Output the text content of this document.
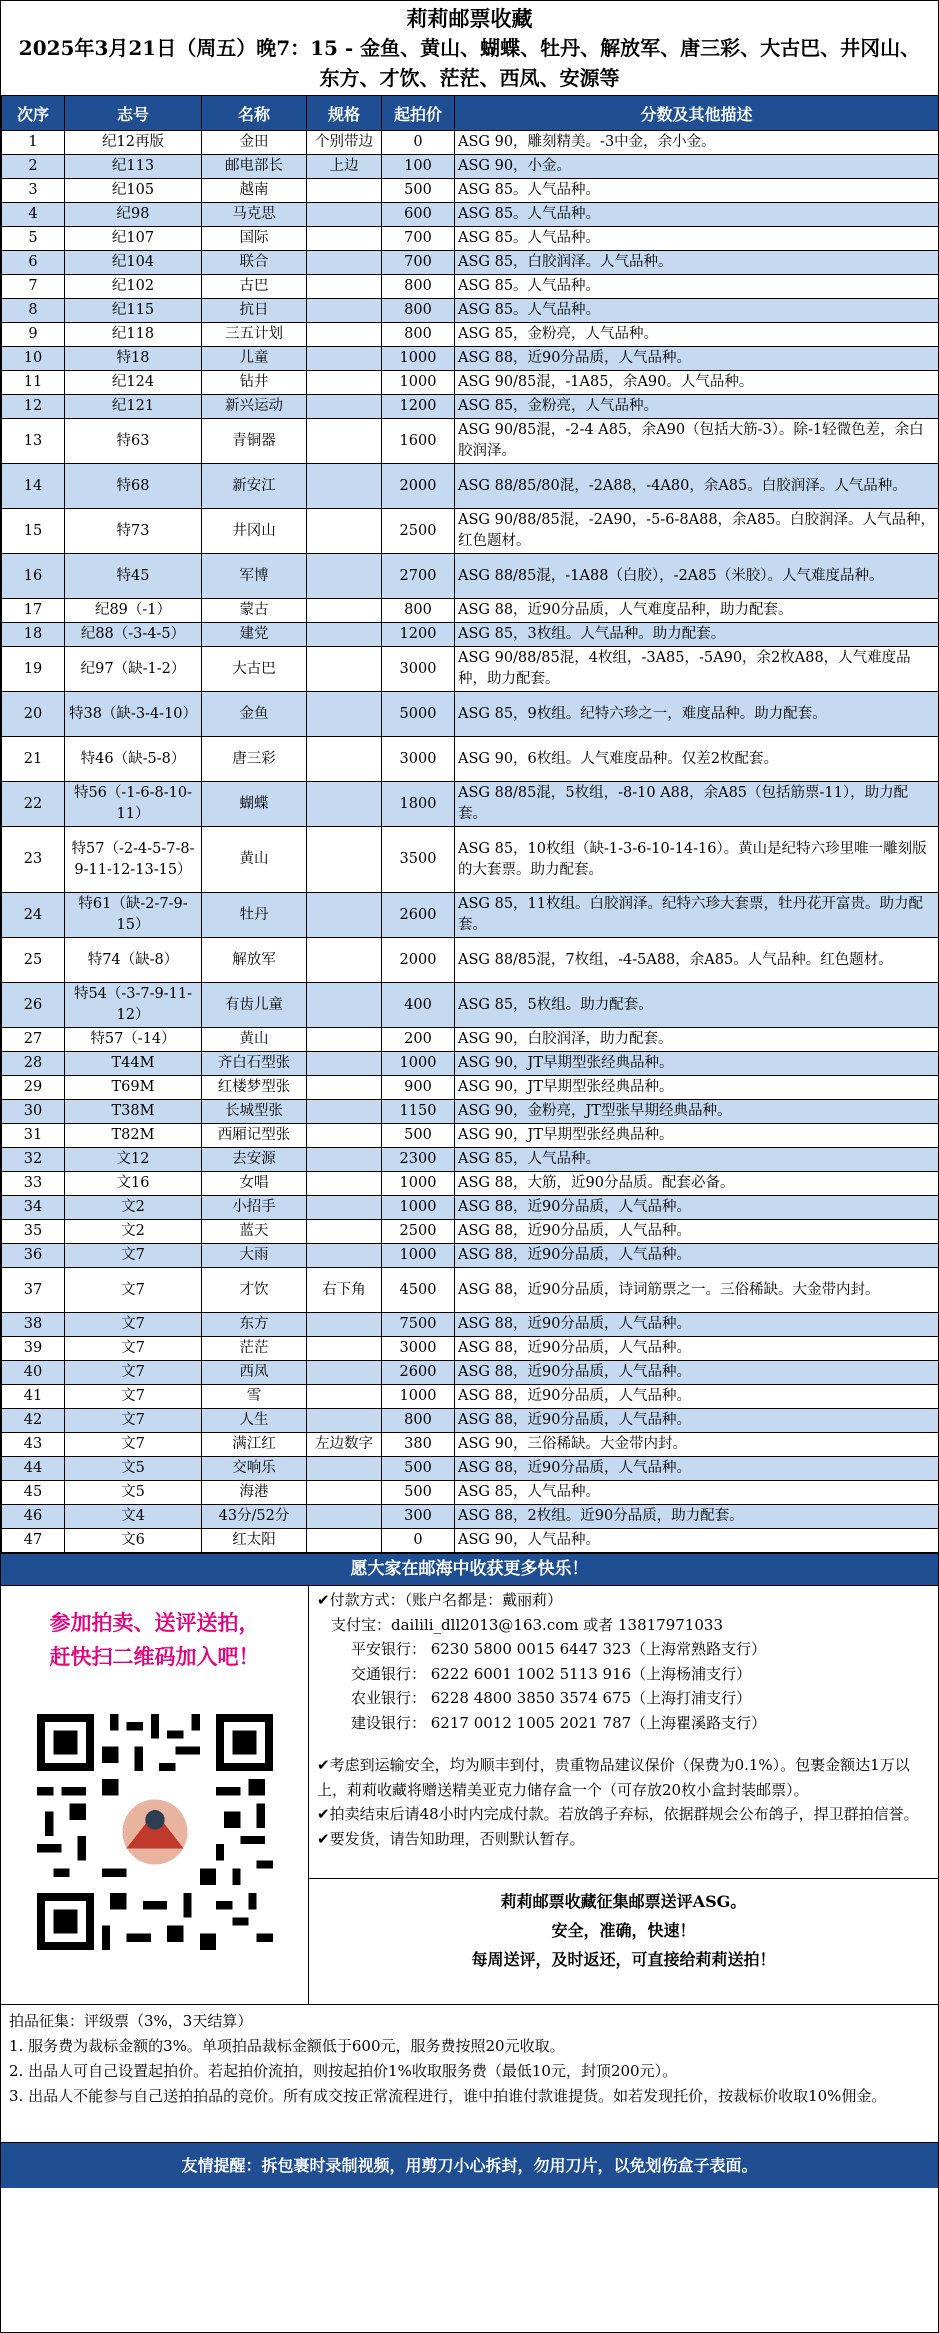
莉莉邮票收藏
2025年3月21日（周五）晚7：15 - 金鱼、黄山、蝴蝶、牡丹、解放军、唐三彩、大古巴、井冈山、东方、才饮、茫茫、西凤、安源等
次序	志号	名称	规格	起拍价	分数及其他描述
1	纪12再版	金田	个别带边	0	ASG 90，雕刻精美。-3中金，余小金。
2	纪113	邮电部长	上边	100	ASG 90，小金。
3	纪105	越南		500	ASG 85。人气品种。
4	纪98	马克思		600	ASG 85。人气品种。
5	纪107	国际		700	ASG 85。人气品种。
6	纪104	联合		700	ASG 85，白胶润泽。人气品种。
7	纪102	古巴		800	ASG 85。人气品种。
8	纪115	抗日		800	ASG 85。人气品种。
9	纪118	三五计划		800	ASG 85，金粉亮，人气品种。
10	特18	儿童		1000	ASG 88，近90分品质，人气品种。
11	纪124	钻井		1000	ASG 90/85混，-1A85，余A90。人气品种。
12	纪121	新兴运动		1200	ASG 85，金粉亮，人气品种。
13	特63	青铜器		1600	ASG 90/85混，-2-4 A85，余A90（包括大筋-3）。除-1轻微色差，余白胶润泽。
14	特68	新安江		2000	ASG 88/85/80混，-2A88，-4A80，余A85。白胶润泽。人气品种。
15	特73	井冈山		2500	ASG 90/88/85混，-2A90，-5-6-8A88，余A85。白胶润泽。人气品种，红色题材。
16	特45	军博		2700	ASG 88/85混，-1A88（白胶），-2A85（米胶）。人气难度品种。
17	纪89（-1）	蒙古		800	ASG 88，近90分品质，人气难度品种，助力配套。
18	纪88（-3-4-5）	建党		1200	ASG 85，3枚组。人气品种。助力配套。
19	纪97（缺-1-2）	大古巴		3000	ASG 90/88/85混，4枚组，-3A85，-5A90，余2枚A88，人气难度品种，助力配套。
20	特38（缺-3-4-10）	金鱼		5000	ASG 85，9枚组。纪特六珍之一，难度品种。助力配套。
21	特46（缺-5-8）	唐三彩		3000	ASG 90，6枚组。人气难度品种。仅差2枚配套。
22	特56（-1-6-8-10-11）	蝴蝶		1800	ASG 88/85混，5枚组，-8-10 A88，余A85（包括筋票-11），助力配套。
23	特57（-2-4-5-7-8-9-11-12-13-15）	黄山		3500	ASG 85，10枚组（缺-1-3-6-10-14-16）。黄山是纪特六珍里唯一雕刻版的大套票。助力配套。
24	特61（缺-2-7-9-15）	牡丹		2600	ASG 85，11枚组。白胶润泽。纪特六珍大套票，牡丹花开富贵。助力配套。
25	特74（缺-8）	解放军		2000	ASG 88/85混，7枚组，-4-5A88，余A85。人气品种。红色题材。
26	特54（-3-7-9-11-12）	有齿儿童		400	ASG 85，5枚组。助力配套。
27	特57（-14）	黄山		200	ASG 90，白胶润泽，助力配套。
28	T44M	齐白石型张		1000	ASG 90，JT早期型张经典品种。
29	T69M	红楼梦型张		900	ASG 90，JT早期型张经典品种。
30	T38M	长城型张		1150	ASG 90，金粉亮，JT型张早期经典品种。
31	T82M	西厢记型张		500	ASG 90，JT早期型张经典品种。
32	文12	去安源		2300	ASG 85，人气品种。
33	文16	女唱		1000	ASG 88，大筋，近90分品质。配套必备。
34	文2	小招手		1000	ASG 88，近90分品质，人气品种。
35	文2	蓝天		2500	ASG 88，近90分品质，人气品种。
36	文7	大雨		1000	ASG 88，近90分品质，人气品种。
37	文7	才饮	右下角	4500	ASG 88，近90分品质，诗词筋票之一。三俗稀缺。大金带内封。
38	文7	东方		7500	ASG 88，近90分品质，人气品种。
39	文7	茫茫		3000	ASG 88，近90分品质，人气品种。
40	文7	西凤		2600	ASG 88，近90分品质，人气品种。
41	文7	雪		1000	ASG 88，近90分品质，人气品种。
42	文7	人生		800	ASG 88，近90分品质，人气品种。
43	文7	满江红	左边数字	380	ASG 90，三俗稀缺。大金带内封。
44	文5	交响乐		500	ASG 88，近90分品质，人气品种。
45	文5	海港		500	ASG 85，人气品种。
46	文4	43分/52分		300	ASG 88，2枚组。近90分品质，助力配套。
47	文6	红太阳		0	ASG 90，人气品种。
愿大家在邮海中收获更多快乐！
参加拍卖、送评送拍，
赶快扫二维码加入吧！
✔付款方式：（账户名都是：戴丽莉）
支付宝：dailili_dll2013@163.com 或者 13817971033
平安银行： 6230 5800 0015 6447 323（上海常熟路支行）
交通银行： 6222 6001 1002 5113 916（上海杨浦支行）
农业银行： 6228 4800 3850 3574 675（上海打浦支行）
建设银行： 6217 0012 1005 2021 787（上海瞿溪路支行）
✔考虑到运输安全，均为顺丰到付，贵重物品建议保价（保费为0.1%）。包裹金额达1万以上，莉莉收藏将赠送精美亚克力储存盒一个（可存放20枚小盒封装邮票）。
✔拍卖结束后请48小时内完成付款。若放鸽子弃标，依据群规会公布鸽子，捍卫群拍信誉。
✔要发货，请告知助理，否则默认暂存。
莉莉邮票收藏征集邮票送评ASG。
安全，准确，快速！
每周送评，及时返还，可直接给莉莉送拍！
拍品征集：评级票（3%，3天结算）
1. 服务费为裁标金额的3%。单项拍品裁标金额低于600元，服务费按照20元收取。
2. 出品人可自己设置起拍价。若起拍价流拍，则按起拍价1%收取服务费（最低10元，封顶200元）。
3. 出品人不能参与自己送拍拍品的竞价。所有成交按正常流程进行，谁中拍谁付款谁提货。如若发现托价，按裁标价收取10%佣金。
友情提醒：拆包裹时录制视频，用剪刀小心拆封，勿用刀片，以免划伤盒子表面。
